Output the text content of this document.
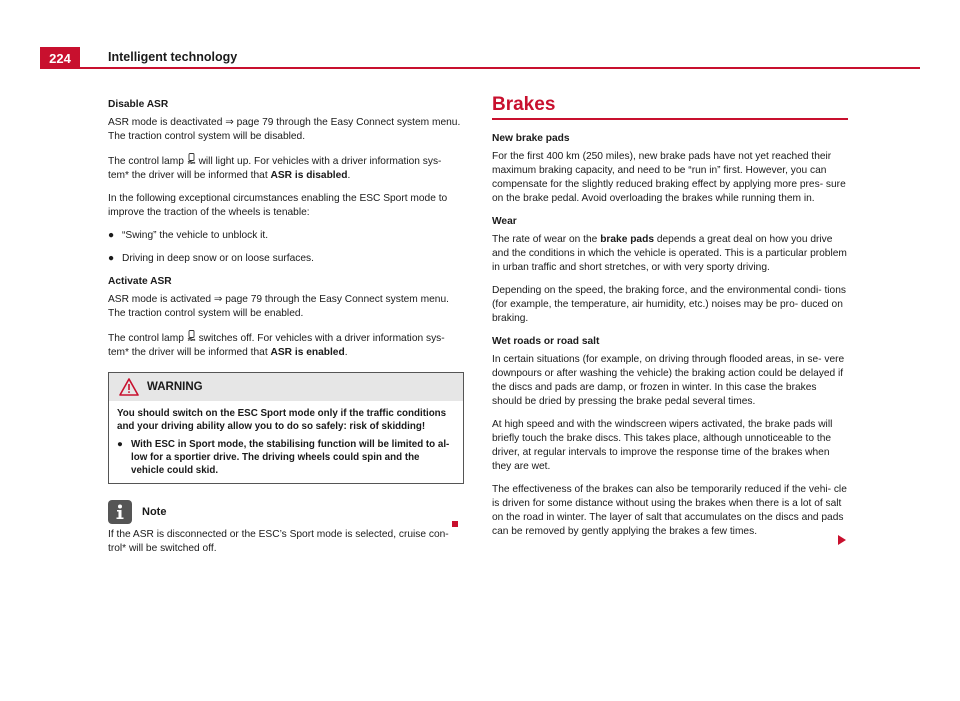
224	Intelligent technology
Disable ASR

ASR mode is deactivated ⇒ page 79 through the Easy Connect system menu. The traction control system will be disabled.

The control lamp will light up. For vehicles with a driver information sys- tem* the driver will be informed that ASR is disabled.

In the following exceptional circumstances enabling the ESC Sport mode to improve the traction of the wheels is tenable:

● “Swing” the vehicle to unblock it.
● Driving in deep snow or on loose surfaces.
Activate ASR

ASR mode is activated ⇒ page 79 through the Easy Connect system menu. The traction control system will be enabled.

The control lamp switches off. For vehicles with a driver information sys- tem* the driver will be informed that ASR is enabled.

WARNING

You should switch on the ESC Sport mode only if the traffic conditions and your driving ability allow you to do so safely: risk of skidding!

● With ESC in Sport mode, the stabilising function will be limited to al- low for a sportier drive. The driving wheels could spin and the vehicle could skid.
Note

If the ASR is disconnected or the ESC’s Sport mode is selected, cruise con- trol* will be switched off.

Brakes
New brake pads

For the first 400 km (250 miles), new brake pads have not yet reached their maximum braking capacity, and need to be “run in” first. However, you can compensate for the slightly reduced braking effect by applying more pres- sure on the brake pedal. Avoid overloading the brakes while running them in.

Wear

The rate of wear on the brake pads depends a great deal on how you drive and the conditions in which the vehicle is operated. This is a particular problem in urban traffic and short stretches, or with very sporty driving.

Depending on the speed, the braking force, and the environmental condi- tions (for example, the temperature, air humidity, etc.) noises may be pro- duced on braking.

Wet roads or road salt

In certain situations (for example, on driving through flooded areas, in se- vere downpours or after washing the vehicle) the braking action could be delayed if the discs and pads are damp, or frozen in winter. In this case the brakes should be dried by pressing the brake pedal several times.

At high speed and with the windscreen wipers activated, the brake pads will briefly touch the brake discs. This takes place, although unnoticeable to the driver, at regular intervals to improve the response time of the brakes when they are wet.

The effectiveness of the brakes can also be temporarily reduced if the vehi- cle is driven for some distance without using the brakes when there is a lot of salt on the road in winter. The layer of salt that accumulates on the discs and pads can be removed by gently applying the brakes a few times.
